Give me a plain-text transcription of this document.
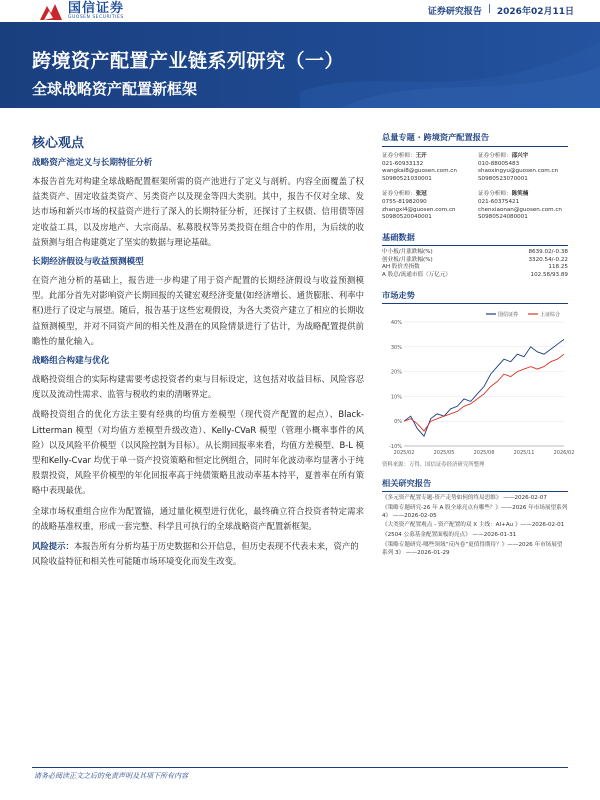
国信证券
GUOSEN SECURITIES
证券研究报告 | 2026年02月11日
跨境资产配置产业链系列研究（一）
全球战略资产配置新框架
核心观点
战略资产池定义与长期特征分析

本报告首先对构建全球战略配置框架所需的资产池进行了定义与剖析。内容全面覆盖了权益类资产、固定收益类资产、另类资产以及现金等四大类别。其中，报告不仅对全球、发达市场和新兴市场的权益资产进行了深入的长期特征分析，还探讨了主权债、信用债等固定收益工具，以及房地产、大宗商品、私募股权等另类投资在组合中的作用，为后续的收益预测与组合构建奠定了坚实的数据与理论基础。

长期经济假设与收益预测模型

在资产池分析的基础上，报告进一步构建了用于资产配置的长期经济假设与收益预测模型。此部分首先对影响资产长期回报的关键宏观经济变量(如经济增长、通货膨胀、利率中枢)进行了设定与展望。随后，报告基于这些宏观假设，为各大类资产建立了相应的长期收益预测模型，并对不同资产间的相关性及潜在的风险情景进行了估计，为战略配置提供前瞻性的量化输入。

战略组合构建与优化

战略投资组合的实际构建需要考虑投资者约束与目标设定，这包括对收益目标、风险容忍度以及流动性需求、监管与税收约束的清晰界定。

战略投资组合的优化方法主要有经典的均值方差模型（现代资产配置的起点）、Black-Litterman 模型（对均值方差模型升级改造）、Kelly-CVaR 模型（管理小概率事件的风险）以及风险平价模型（以风险控制为目标）。从长期回报率来看，均值方差模型、B-L 模型和Kelly-Cvar 均优于单一资产投资策略和恒定比例组合，同时年化波动率均显著小于纯股票投资，风险平价模型的年化回报率高于纯债策略且波动率基本持平，夏普率在所有策略中表现最优。

全球市场权重组合应作为配置锚，通过量化模型进行优化，最终确立符合投资者特定需求的战略基准权重，形成一套完整、科学且可执行的全球战略资产配置新框架。

风险提示：本报告所有分析均基于历史数据和公开信息，但历史表现不代表未来，资产的风险收益特征和相关性可能随市场环境变化而发生改变。

总量专题 · 跨境资产配置报告
证券分析师：王开
021-60933132
wangkai8@guosen.com.cn
S0980521030001
证券分析师：邵兴宇
010-88005483
shaoxingyu@guosen.com.cn
S0980523070001
证券分析师：张冠
0755-81982090
zhangxi4@guosen.com.cn
S0980520040001
证券分析师：陈笑楠
021-60375421
chenxiaonan@guosen.com.cn
S0980524080001
基础数据
中小板/月涨跌幅(%)	8639.02/-0.38
创业板/月涨跌幅(%)	3320.54/-0.22
AH 股价差指数	118.25
A 股总/流通市值（万亿元）	102.58/93.89
市场走势
40%
30%
20%
10%
0%
-10%
2025/02	2025/05	2025/08	2025/11	2026/02
国信证券	上证综合
资料来源：万得、国信证券经济研究所整理
相关研究报告
《多元资产配置专题-资产走势如何的终局思维》 ——2026-02-07
《策略专题研究-26 年 A 股全球亮点有哪些？》——2026 年市场展望系列 4》 ——2026-02-05
《大类资产配置观点 - 资产配置的双 X 主线：AI+Au 》——2026-02-01
《2504 公募基金配置面板的亮点》 ——2026-01-31
《策略专题研究-哪些领域“反内卷”更值得期待？》——2026 年市场展望系列 3》 ——2026-01-29
请务必阅读正文之后的免责声明及其项下所有内容
